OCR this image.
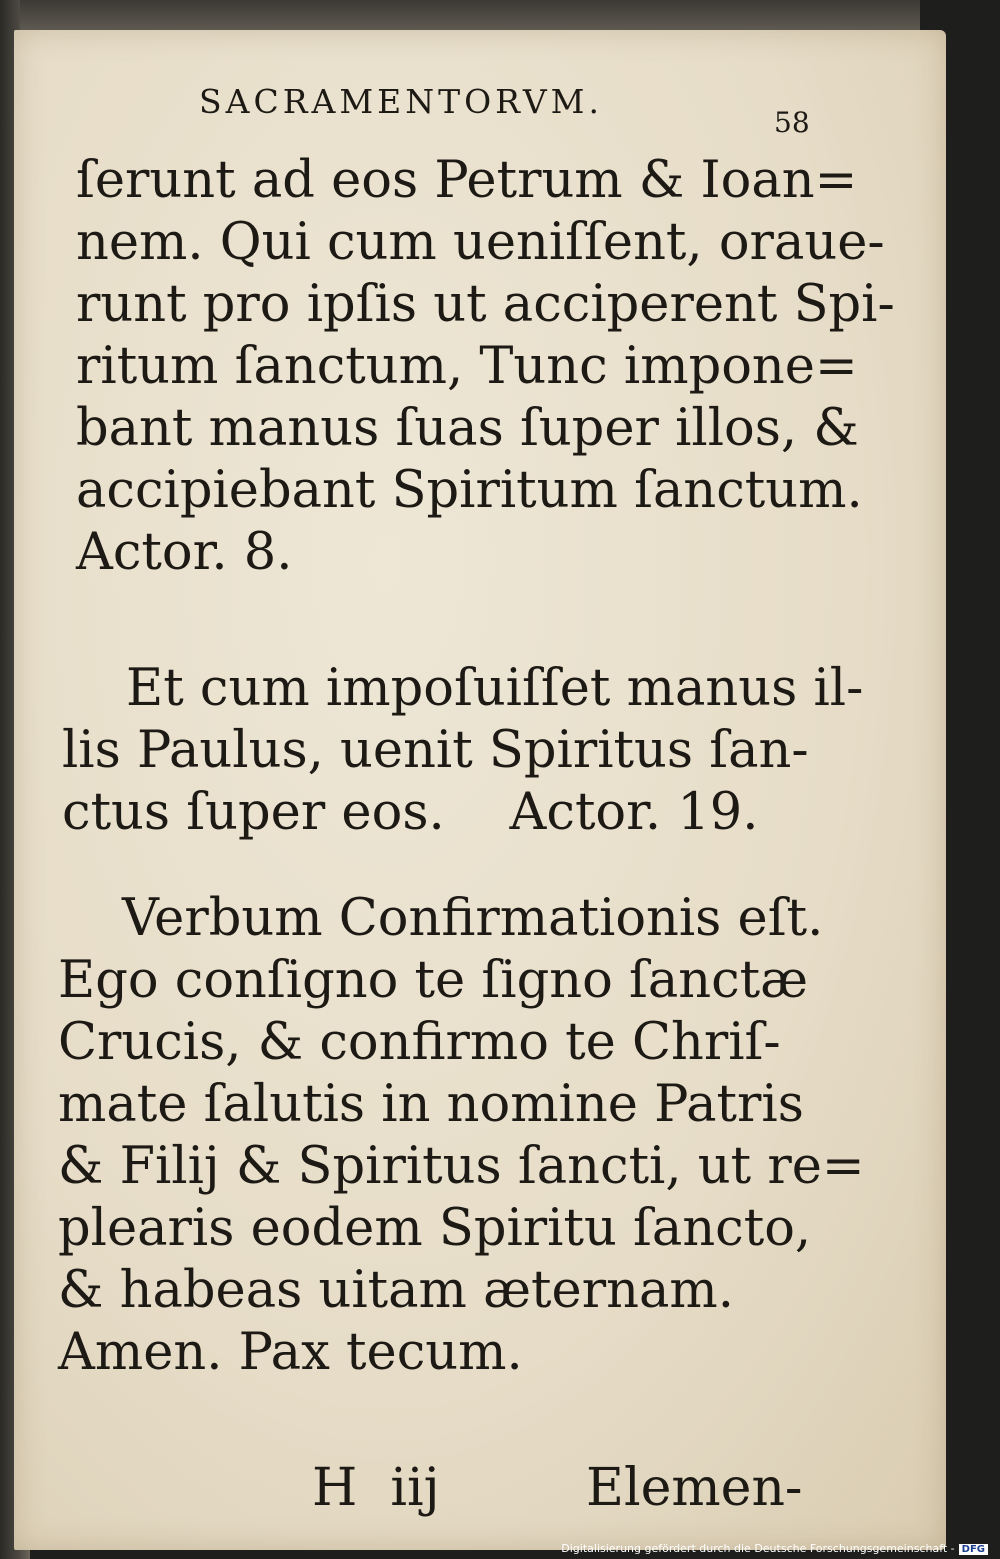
SACRAMENTORVM.
58

ſerunt ad eos Petrum & Ioan=
nem. Qui cum ueniſſent, oraue-
runt pro ipſis ut acciperent Spi-
ritum ſanctum, Tunc impone=
bant manus ſuas ſuper illos, &
accipiebant Spiritum ſanctum.
Actor. 8.

Et cum impoſuiſſet manus il-
lis Paulus, uenit Spiritus ſan-
ctus ſuper eos.    Actor. 19.

Verbum Confirmationis eſt.
Ego conſigno te ſigno ſanctæ
Crucis, & confirmo te Chriſ-
mate ſalutis in nomine Patris
& Filij & Spiritus ſancti, ut re=
plearis eodem Spiritu ſancto,
& habeas uitam æternam.
Amen. Pax tecum.

H  iij	Elemen-
Digitalisierung gefördert durch die Deutsche Forschungsgemeinschaft - DFG
